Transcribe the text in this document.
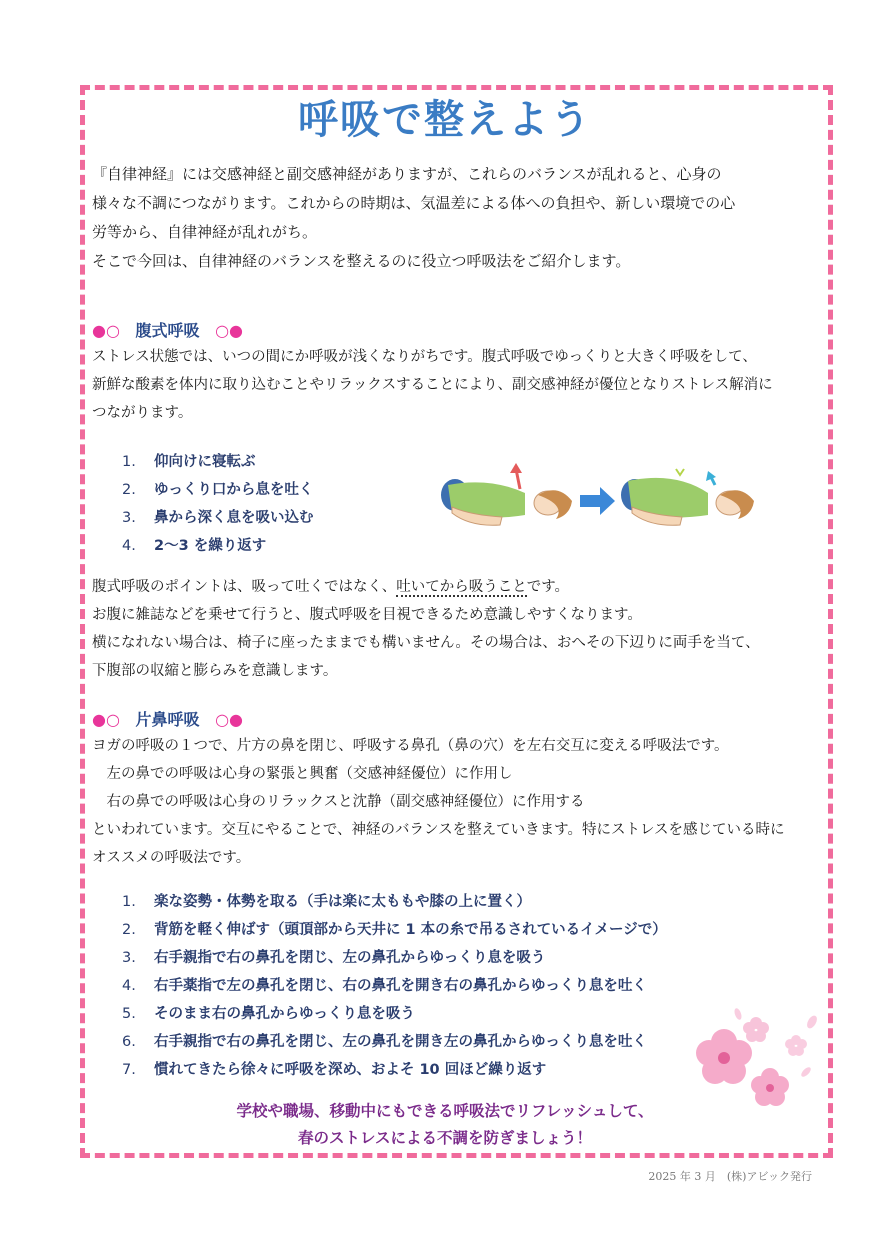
呼吸で整えよう

『自律神経』には交感神経と副交感神経がありますが、これらのバランスが乱れると、心身の

様々な不調につながります。これからの時期は、気温差による体への負担や、新しい環境での心

労等から、自律神経が乱れがち。

そこで今回は、自律神経のバランスを整えるのに役立つ呼吸法をご紹介します。

●○ 腹式呼吸 ○●

ストレス状態では、いつの間にか呼吸が浅くなりがちです。腹式呼吸でゆっくりと大きく呼吸をして、

新鮮な酸素を体内に取り込むことやリラックスすることにより、副交感神経が優位となりストレス解消に

つながります。

1.	仰向けに寝転ぶ
2.	ゆっくり口から息を吐く
3.	鼻から深く息を吸い込む
4.	2～3 を繰り返す

腹式呼吸のポイントは、吸って吐くではなく、吐いてから吸うことです。

お腹に雑誌などを乗せて行うと、腹式呼吸を目視できるため意識しやすくなります。

横になれない場合は、椅子に座ったままでも構いません。その場合は、おへその下辺りに両手を当て、

下腹部の収縮と膨らみを意識します。

●○ 片鼻呼吸 ○●

ヨガの呼吸の１つで、片方の鼻を閉じ、呼吸する鼻孔（鼻の穴）を左右交互に変える呼吸法です。

　左の鼻での呼吸は心身の緊張と興奮（交感神経優位）に作用し

　右の鼻での呼吸は心身のリラックスと沈静（副交感神経優位）に作用する

といわれています。交互にやることで、神経のバランスを整えていきます。特にストレスを感じている時に

オススメの呼吸法です。

1.	楽な姿勢・体勢を取る（手は楽に太ももや膝の上に置く）
2.	背筋を軽く伸ばす（頭頂部から天井に 1 本の糸で吊るされているイメージで）
3.	右手親指で右の鼻孔を閉じ、左の鼻孔からゆっくり息を吸う
4.	右手薬指で左の鼻孔を閉じ、右の鼻孔を開き右の鼻孔からゆっくり息を吐く
5.	そのまま右の鼻孔からゆっくり息を吸う
6.	右手親指で右の鼻孔を閉じ、左の鼻孔を開き左の鼻孔からゆっくり息を吐く
7.	慣れてきたら徐々に呼吸を深め、およそ 10 回ほど繰り返す

学校や職場、移動中にもできる呼吸法でリフレッシュして、

春のストレスによる不調を防ぎましょう！

2025 年 3 月　(株)アビック発行
